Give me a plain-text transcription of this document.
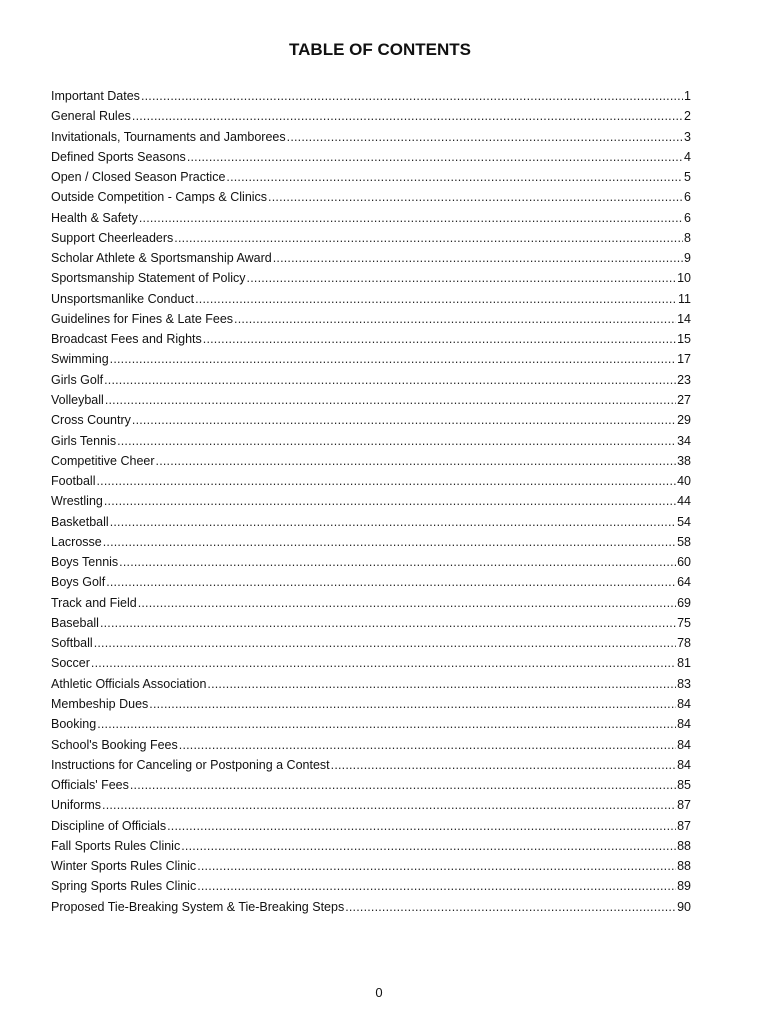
TABLE OF CONTENTS
Important Dates .....	1
General Rules .....	2
Invitationals, Tournaments and Jamborees .....	3
Defined Sports Seasons .....	4
Open / Closed Season Practice .....	5
Outside Competition - Camps & Clinics .....	6
Health & Safety .....	6
Support Cheerleaders .....	8
Scholar Athlete & Sportsmanship Award .....	9
Sportsmanship Statement of Policy .....	10
Unsportsmanlike Conduct .....	11
Guidelines for Fines & Late Fees .....	14
Broadcast Fees and Rights .....	15
Swimming .....	17
Girls Golf .....	23
Volleyball .....	27
Cross Country .....	29
Girls Tennis .....	34
Competitive Cheer .....	38
Football .....	40
Wrestling .....	44
Basketball .....	54
Lacrosse .....	58
Boys Tennis .....	60
Boys Golf .....	64
Track and Field .....	69
Baseball .....	75
Softball .....	78
Soccer .....	81
Athletic Officials Association .....	83
Membeship Dues .....	84
Booking .....	84
School's Booking Fees .....	84
Instructions for Canceling or Postponing a Contest .....	84
Officials' Fees .....	85
Uniforms .....	87
Discipline of Officials .....	87
Fall Sports Rules Clinic .....	88
Winter Sports Rules Clinic .....	88
Spring Sports Rules Clinic .....	89
Proposed Tie-Breaking System & Tie-Breaking Steps .....	90
0
